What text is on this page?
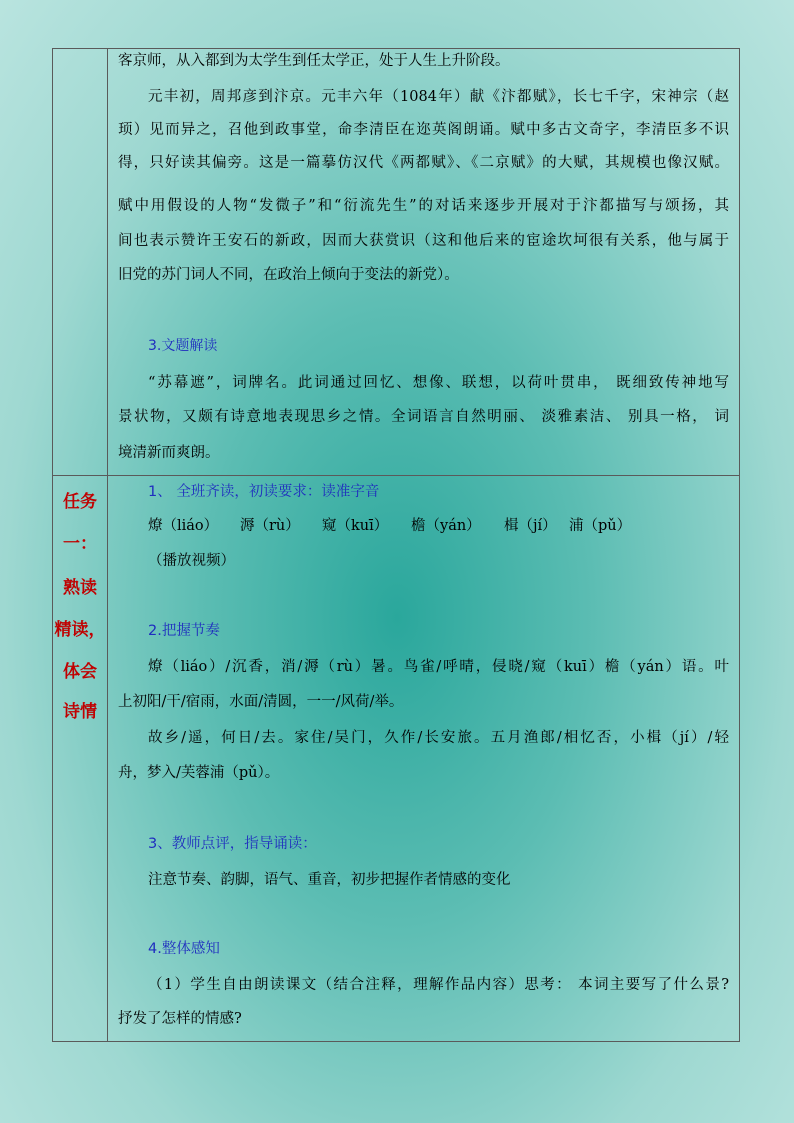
客京师，从入都到为太学生到任太学正，处于人生上升阶段。

元丰初，周邦彦到汴京。元丰六年（1084年）献《汴都赋》，长七千字，宋神宗（赵

顼）见而异之，召他到政事堂，命李清臣在迩英阁朗诵。赋中多古文奇字，李清臣多不识

得，只好读其偏旁。这是一篇摹仿汉代《两都赋》、《二京赋》的大赋，其规模也像汉赋。

赋中用假设的人物“发微子”和“衍流先生”的对话来逐步开展对于汴都描写与颂扬，其

间也表示赞许王安石的新政，因而大获赏识（这和他后来的宦途坎坷很有关系，他与属于

旧党的苏门词人不同，在政治上倾向于变法的新党）。

3.文题解读

“苏幕遮”，词牌名。此词通过回忆、想像、联想，以荷叶贯串， 既细致传神地写

景状物，又颇有诗意地表现思乡之情。全词语言自然明丽、 淡雅素洁、 别具一格， 词

境清新而爽朗。

任务
一：
熟读
精读，
体会
诗情

1、 全班齐读，初读要求：读准字音

燎（liáo） 溽（rù） 窥（kuī） 檐（yán） 楫（jí） 浦（pǔ）

（播放视频）

2.把握节奏

燎（liáo）/沉香，消/溽（rù）暑。鸟雀/呼晴，侵晓/窥（kuī）檐（yán）语。叶

上初阳/干/宿雨，水面/清圆，一一/风荷/举。

故乡/遥，何日/去。家住/吴门，久作/长安旅。五月渔郎/相忆否，小楫（jí）/轻

舟，梦入/芙蓉浦（pǔ）。

3、教师点评，指导诵读：

注意节奏、韵脚，语气、重音，初步把握作者情感的变化

4.整体感知

（1）学生自由朗读课文（结合注释，理解作品内容）思考： 本词主要写了什么景?

抒发了怎样的情感?
